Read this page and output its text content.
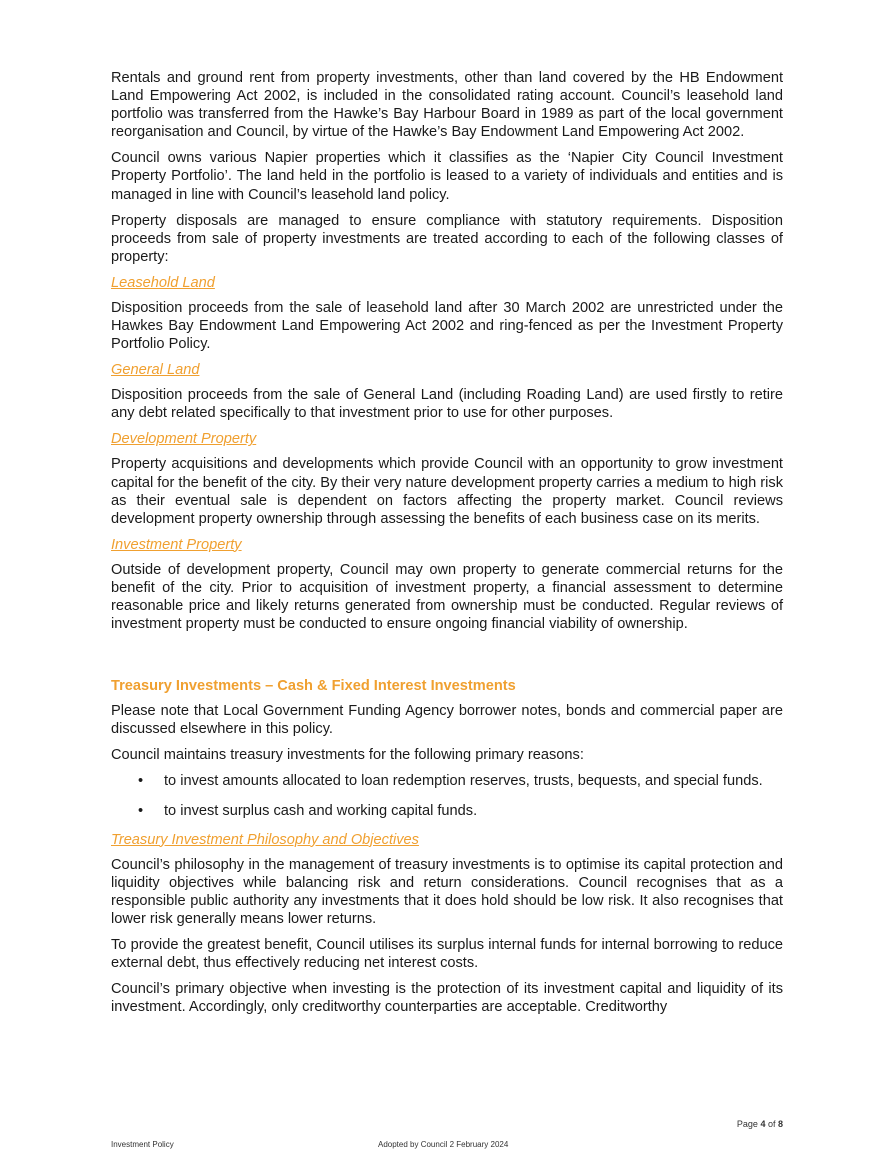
Rentals and ground rent from property investments, other than land covered by the HB Endowment Land Empowering Act 2002, is included in the consolidated rating account. Council’s leasehold land portfolio was transferred from the Hawke’s Bay Harbour Board in 1989 as part of the local government reorganisation and Council, by virtue of the Hawke’s Bay Endowment Land Empowering Act 2002.

Council owns various Napier properties which it classifies as the ‘Napier City Council Investment Property Portfolio’. The land held in the portfolio is leased to a variety of individuals and entities and is managed in line with Council’s leasehold land policy.

Property disposals are managed to ensure compliance with statutory requirements. Disposition proceeds from sale of property investments are treated according to each of the following classes of property:

Leasehold Land

Disposition proceeds from the sale of leasehold land after 30 March 2002 are unrestricted under the Hawkes Bay Endowment Land Empowering Act 2002 and ring-fenced as per the Investment Property Portfolio Policy.

General Land

Disposition proceeds from the sale of General Land (including Roading Land) are used firstly to retire any debt related specifically to that investment prior to use for other purposes.

Development Property

Property acquisitions and developments which provide Council with an opportunity to grow investment capital for the benefit of the city. By their very nature development property carries a medium to high risk as their eventual sale is dependent on factors affecting the property market. Council reviews development property ownership through assessing the benefits of each business case on its merits.

Investment Property

Outside of development property, Council may own property to generate commercial returns for the benefit of the city. Prior to acquisition of investment property, a financial assessment to determine reasonable price and likely returns generated from ownership must be conducted. Regular reviews of investment property must be conducted to ensure ongoing financial viability of ownership.

Treasury Investments – Cash & Fixed Interest Investments

Please note that Local Government Funding Agency borrower notes, bonds and commercial paper are discussed elsewhere in this policy.

Council maintains treasury investments for the following primary reasons:

• to invest amounts allocated to loan redemption reserves, trusts, bequests, and special funds.
• to invest surplus cash and working capital funds.

Treasury Investment Philosophy and Objectives

Council’s philosophy in the management of treasury investments is to optimise its capital protection and liquidity objectives while balancing risk and return considerations. Council recognises that as a responsible public authority any investments that it does hold should be low risk. It also recognises that lower risk generally means lower returns.

To provide the greatest benefit, Council utilises its surplus internal funds for internal borrowing to reduce external debt, thus effectively reducing net interest costs.

Council’s primary objective when investing is the protection of its investment capital and liquidity of its investment. Accordingly, only creditworthy counterparties are acceptable. Creditworthy

Page 4 of 8
Investment Policy	Adopted by Council 2 February 2024
